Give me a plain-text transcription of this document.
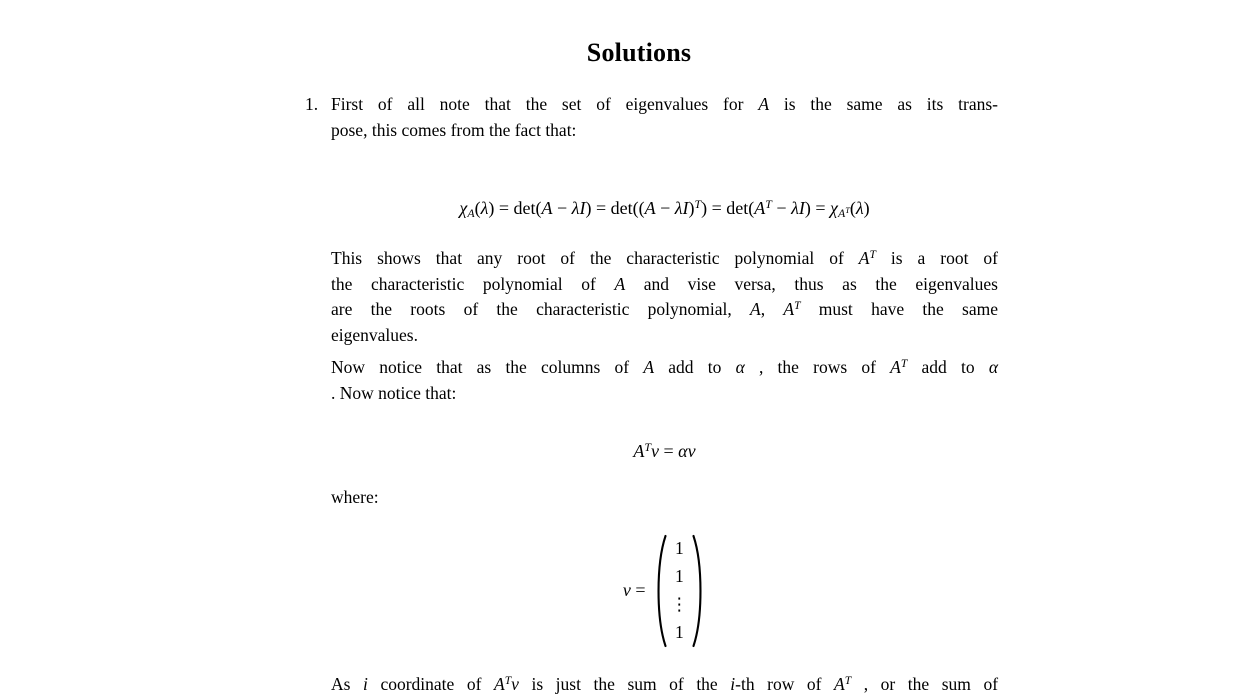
Solutions
1. First of all note that the set of eigenvalues for A is the same as its trans-
pose, this comes from the fact that:
$\chi A(\lambda) = \det(A - \lambda I) = \det((A - \lambda I)^T) = \det(A^T - \lambda I) = \chi AT(\lambda)$
This shows that any root of the characteristic polynomial of $A^T$ is a root of
the characteristic polynomial of A and vise versa, thus as the eigenvalues
are the roots of the characteristic polynomial, A, $A^T$ must have the same
eigenvalues.
Now notice that as the columns of A add to α , the rows of $A^T$ add to α
. Now notice that:
$A^Tv = \alpha v$
where:
v =
1
1
⋮
1
As i coordinate of $A^Tv$ is just the sum of the i-th row of $A^T$ , or the sum of
